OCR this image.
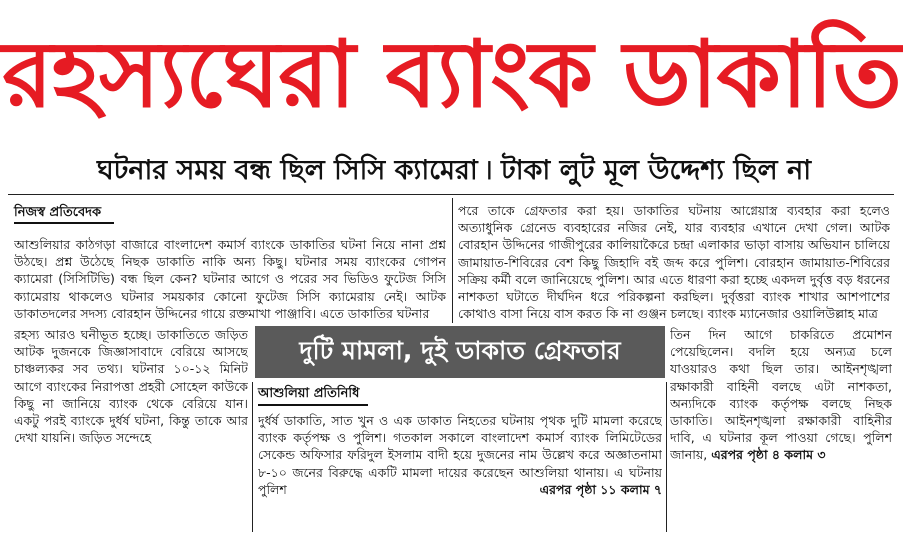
রহস্যঘেরা ব্যাংক ডাকাতি
ঘটনার সময় বন্ধ ছিল সিসি ক্যামেরা ৷ টাকা লুট মূল উদ্দেশ্য ছিল না
নিজস্ব প্রতিবেদক

আশুলিয়ার কাঠগড়া বাজারে বাংলাদেশ কমার্স ব্যাংকে ডাকাতির ঘটনা নিয়ে নানা প্রশ্ন উঠছে। প্রশ্ন উঠেছে নিছক ডাকাতি নাকি অন্য কিছু। ঘটনার সময় ব্যাংকের গোপন ক্যামেরা (সিসিটিভি) বন্ধ ছিল কেন? ঘটনার আগে ও পরের সব ভিডিও ফুটেজ সিসি ক্যামেরায় থাকলেও ঘটনার সময়কার কোনো ফুটেজ সিসি ক্যামেরায় নেই। আটক ডাকাতদলের সদস্য বোরহান উদ্দিনের গায়ে রক্তমাখা পাঞ্জাবি। এতে ডাকাতির ঘটনার

রহস্য আরও ঘনীভূত হচ্ছে। ডাকাতিতে জড়িত আটক দুজনকে জিজ্ঞাসাবাদে বেরিয়ে আসছে চাঞ্চল্যকর সব তথ্য। ঘটনার ১০-১২ মিনিট আগে ব্যাংকের নিরাপত্তা প্রহরী সোহেল কাউকে কিছু না জানিয়ে ব্যাংক থেকে বেরিয়ে যান। একটু পরই ব্যাংকে দুর্ধর্ষ ঘটনা, কিন্তু তাকে আর দেখা যায়নি। জড়িত সন্দেহে

পরে তাকে গ্রেফতার করা হয়। ডাকাতির ঘটনায় আগ্নেয়াস্ত্র ব্যবহার করা হলেও অত্যাধুনিক গ্রেনেড ব্যবহারের নজির নেই, যার ব্যবহার এখানে দেখা গেল। আটক বোরহান উদ্দিনের গাজীপুরের কালিয়াকৈরে চন্দ্রা এলাকার ভাড়া বাসায় অভিযান চালিয়ে জামায়াত-শিবিরের বেশ কিছু জিহাদি বই জব্দ করে পুলিশ। বোরহান জামায়াত-শিবিরের সক্রিয় কর্মী বলে জানিয়েছে পুলিশ। আর এতে ধারণা করা হচ্ছে একদল দুর্বৃত্ত বড় ধরনের নাশকতা ঘটাতে দীর্ঘদিন ধরে পরিকল্পনা করছিল। দুর্বৃত্তরা ব্যাংক শাখার আশপাশের কোথাও বাসা নিয়ে বাস করত কি না গুঞ্জন চলছে। ব্যাংক ম্যানেজার ওয়ালিউল্লাহ মাত্র

তিন দিন আগে চাকরিতে প্রমোশন পেয়েছিলেন। বদলি হয়ে অন্যত্র চলে যাওয়ারও কথা ছিল তার। আইনশৃঙ্খলা রক্ষাকারী বাহিনী বলছে এটা নাশকতা, অন্যদিকে ব্যাংক কর্তৃপক্ষ বলছে নিছক ডাকাতি। আইনশৃঙ্খলা রক্ষাকারী বাহিনীর দাবি, এ ঘটনার কূল পাওয়া গেছে। পুলিশ জানায়, এরপর পৃষ্ঠা ৪ কলাম ৩

দুটি মামলা, দুই ডাকাত গ্রেফতার
আশুলিয়া প্রতিনিধি

দুর্ধর্ষ ডাকাতি, সাত খুন ও এক ডাকাত নিহতের ঘটনায় পৃথক দুটি মামলা করেছে ব্যাংক কর্তৃপক্ষ ও পুলিশ। গতকাল সকালে বাংলাদেশ কমার্স ব্যাংক লিমিটেডের সেকেন্ড অফিসার ফরিদুল ইসলাম বাদী হয়ে দুজনের নাম উল্লেখ করে অজ্ঞাতনামা ৮-১০ জনের বিরুদ্ধে একটি মামলা দায়ের করেছেন আশুলিয়া থানায়। এ ঘটনায় পুলিশ	এরপর পৃষ্ঠা ১১ কলাম ৭
